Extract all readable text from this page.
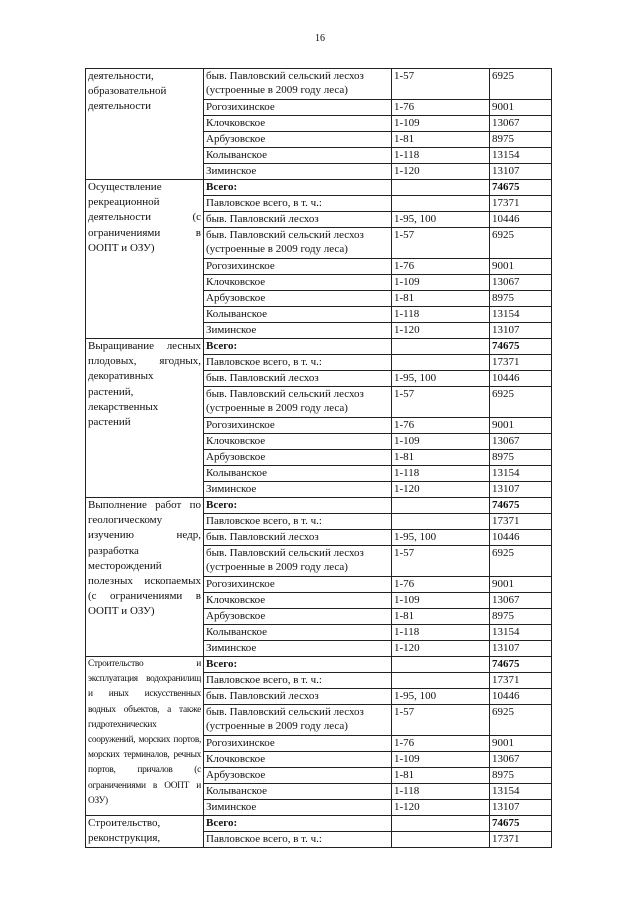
16
деятельности, образовательной деятельности	быв. Павловский сельский лесхоз (устроенные в 2009 году леса)	1-57	6925
	Рогозихинское	1-76	9001
	Клочковское	1-109	13067
	Арбузовское	1-81	8975
	Колыванское	1-118	13154
	Зиминское	1-120	13107
Осуществление рекреационной деятельности (с ограничениями в ООПТ и ОЗУ)	Всего:		74675
	Павловское всего, в т. ч.:		17371
	быв. Павловский лесхоз	1-95, 100	10446
	быв. Павловский сельский лесхоз (устроенные в 2009 году леса)	1-57	6925
	Рогозихинское	1-76	9001
	Клочковское	1-109	13067
	Арбузовское	1-81	8975
	Колыванское	1-118	13154
	Зиминское	1-120	13107
Выращивание лесных плодовых, ягодных, декоративных растений, лекарственных растений	Всего:		74675
	Павловское всего, в т. ч.:		17371
	быв. Павловский лесхоз	1-95, 100	10446
	быв. Павловский сельский лесхоз (устроенные в 2009 году леса)	1-57	6925
	Рогозихинское	1-76	9001
	Клочковское	1-109	13067
	Арбузовское	1-81	8975
	Колыванское	1-118	13154
	Зиминское	1-120	13107
Выполнение работ по геологическому изучению недр, разработка месторождений полезных ископаемых (с ограничениями в ООПТ и ОЗУ)	Всего:		74675
	Павловское всего, в т. ч.:		17371
	быв. Павловский лесхоз	1-95, 100	10446
	быв. Павловский сельский лесхоз (устроенные в 2009 году леса)	1-57	6925
	Рогозихинское	1-76	9001
	Клочковское	1-109	13067
	Арбузовское	1-81	8975
	Колыванское	1-118	13154
	Зиминское	1-120	13107
Строительство и эксплуатация водохранилищ и иных искусственных водных объектов, а также гидротехнических сооружений, морских портов, морских терминалов, речных портов, причалов (с ограничениями в ООПТ и ОЗУ)	Всего:		74675
	Павловское всего, в т. ч.:		17371
	быв. Павловский лесхоз	1-95, 100	10446
	быв. Павловский сельский лесхоз (устроенные в 2009 году леса)	1-57	6925
	Рогозихинское	1-76	9001
	Клочковское	1-109	13067
	Арбузовское	1-81	8975
	Колыванское	1-118	13154
	Зиминское	1-120	13107
Строительство, реконструкция,	Всего:		74675
	Павловское всего, в т. ч.:		17371
